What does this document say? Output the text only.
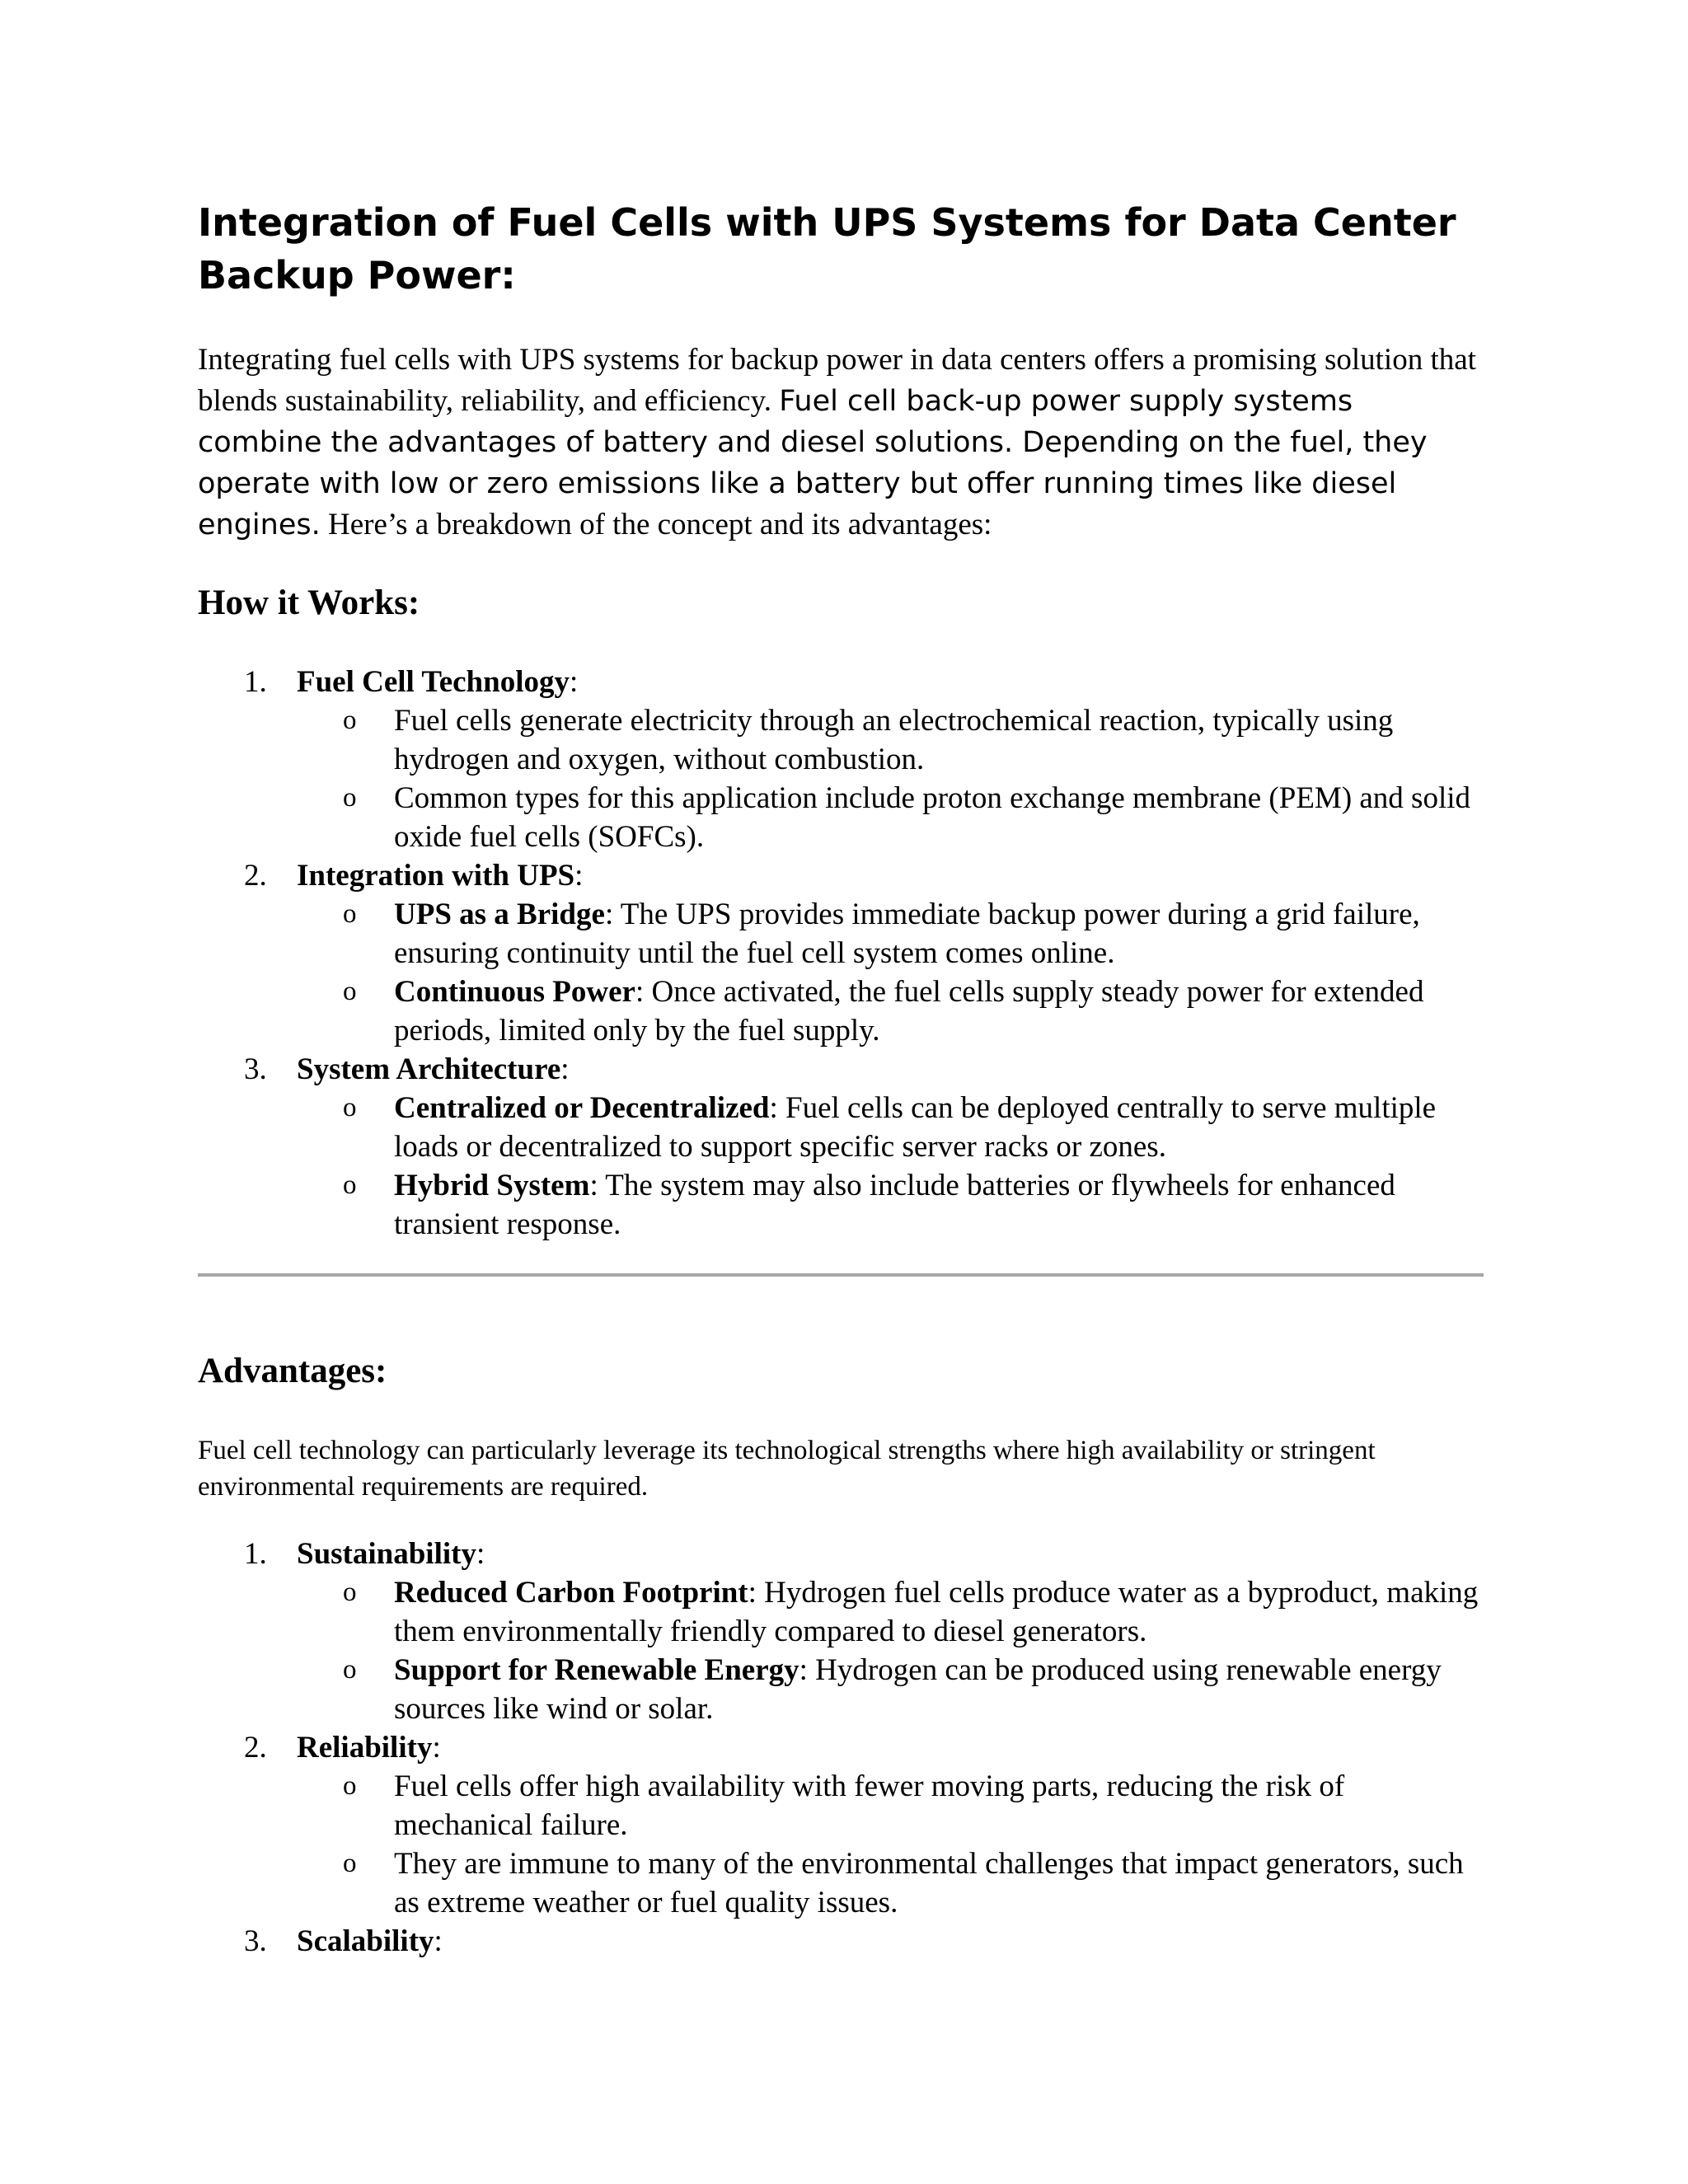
Integration of Fuel Cells with UPS Systems for Data Center Backup Power:

Integrating fuel cells with UPS systems for backup power in data centers offers a promising solution that blends sustainability, reliability, and efficiency. Fuel cell back-up power supply systems combine the advantages of battery and diesel solutions. Depending on the fuel, they operate with low or zero emissions like a battery but offer running times like diesel engines. Here’s a breakdown of the concept and its advantages:

How it Works:
1. Fuel Cell Technology:
o Fuel cells generate electricity through an electrochemical reaction, typically using hydrogen and oxygen, without combustion.
o Common types for this application include proton exchange membrane (PEM) and solid oxide fuel cells (SOFCs).
2. Integration with UPS:
o UPS as a Bridge: The UPS provides immediate backup power during a grid failure, ensuring continuity until the fuel cell system comes online.
o Continuous Power: Once activated, the fuel cells supply steady power for extended periods, limited only by the fuel supply.
3. System Architecture:
o Centralized or Decentralized: Fuel cells can be deployed centrally to serve multiple loads or decentralized to support specific server racks or zones.
o Hybrid System: The system may also include batteries or flywheels for enhanced transient response.
Advantages:

Fuel cell technology can particularly leverage its technological strengths where high availability or stringent environmental requirements are required.

1. Sustainability:
o Reduced Carbon Footprint: Hydrogen fuel cells produce water as a byproduct, making them environmentally friendly compared to diesel generators.
o Support for Renewable Energy: Hydrogen can be produced using renewable energy sources like wind or solar.
2. Reliability:
o Fuel cells offer high availability with fewer moving parts, reducing the risk of mechanical failure.
o They are immune to many of the environmental challenges that impact generators, such as extreme weather or fuel quality issues.
3. Scalability:
